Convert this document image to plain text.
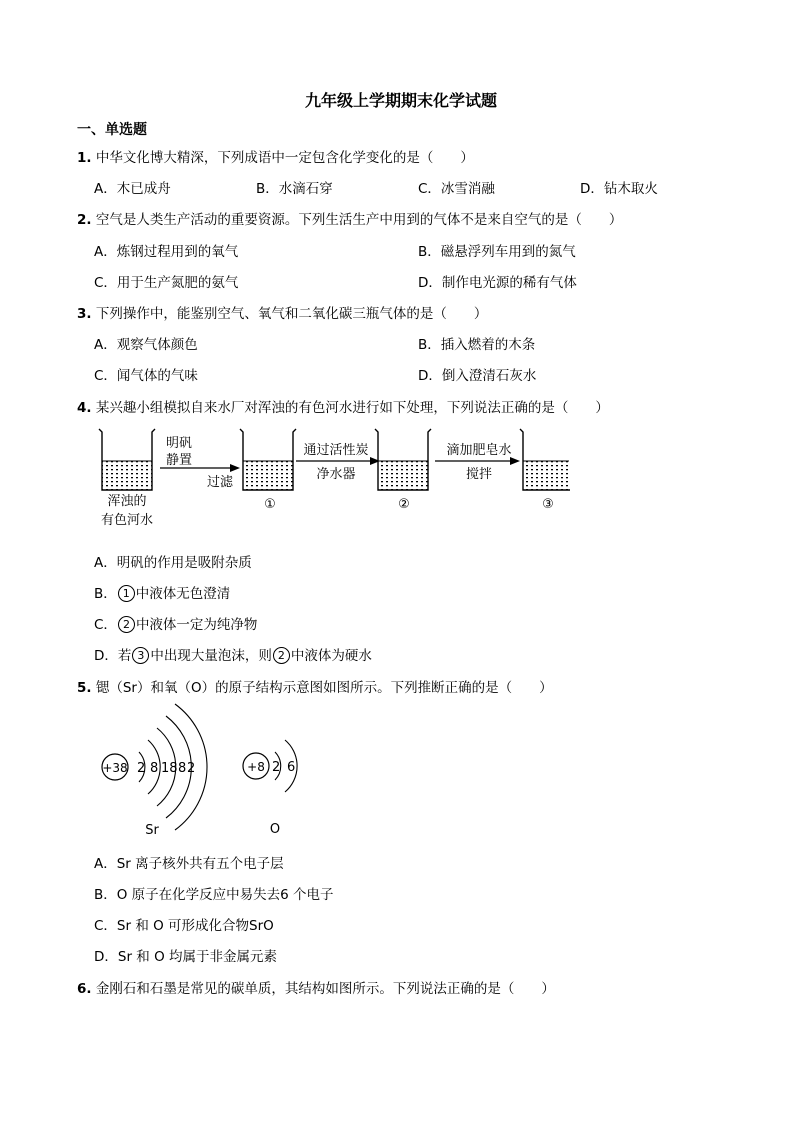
九年级上学期期末化学试题
一、单选题
1. 中华文化博大精深，下列成语中一定包含化学变化的是（　　）
A．木已成舟	B．水滴石穿	C．冰雪消融	D．钻木取火
2. 空气是人类生产活动的重要资源。下列生活生产中用到的气体不是来自空气的是（　　）
A．炼钢过程用到的氧气	B．磁悬浮列车用到的氮气
C．用于生产氮肥的氨气	D．制作电光源的稀有气体
3. 下列操作中，能鉴别空气、氧气和二氧化碳三瓶气体的是（　　）
A．观察气体颜色	B．插入燃着的木条
C．闻气体的气味	D．倒入澄清石灰水
4. 某兴趣小组模拟自来水厂对浑浊的有色河水进行如下处理，下列说法正确的是（　　）
浑浊的
有色河水
明矾
静置
过滤
①
通过活性炭
净水器
②
滴加肥皂水
搅拌
③
A．明矾的作用是吸附杂质
B． 1 中液体无色澄清
C． 2 中液体一定为纯净物
D．若 3 中出现大量泡沫，则 2 中液体为硬水
5. 锶（Sr）和氧（O）的原子结构示意图如图所示。下列推断正确的是（　　）
+38 2 8 18 8 2
Sr
+8 2 6
O
A．Sr 离子核外共有五个电子层
B．O 原子在化学反应中易失去6 个电子
C．Sr 和 O 可形成化合物SrO
D．Sr 和 O 均属于非金属元素
6. 金刚石和石墨是常见的碳单质，其结构如图所示。下列说法正确的是（　　）
